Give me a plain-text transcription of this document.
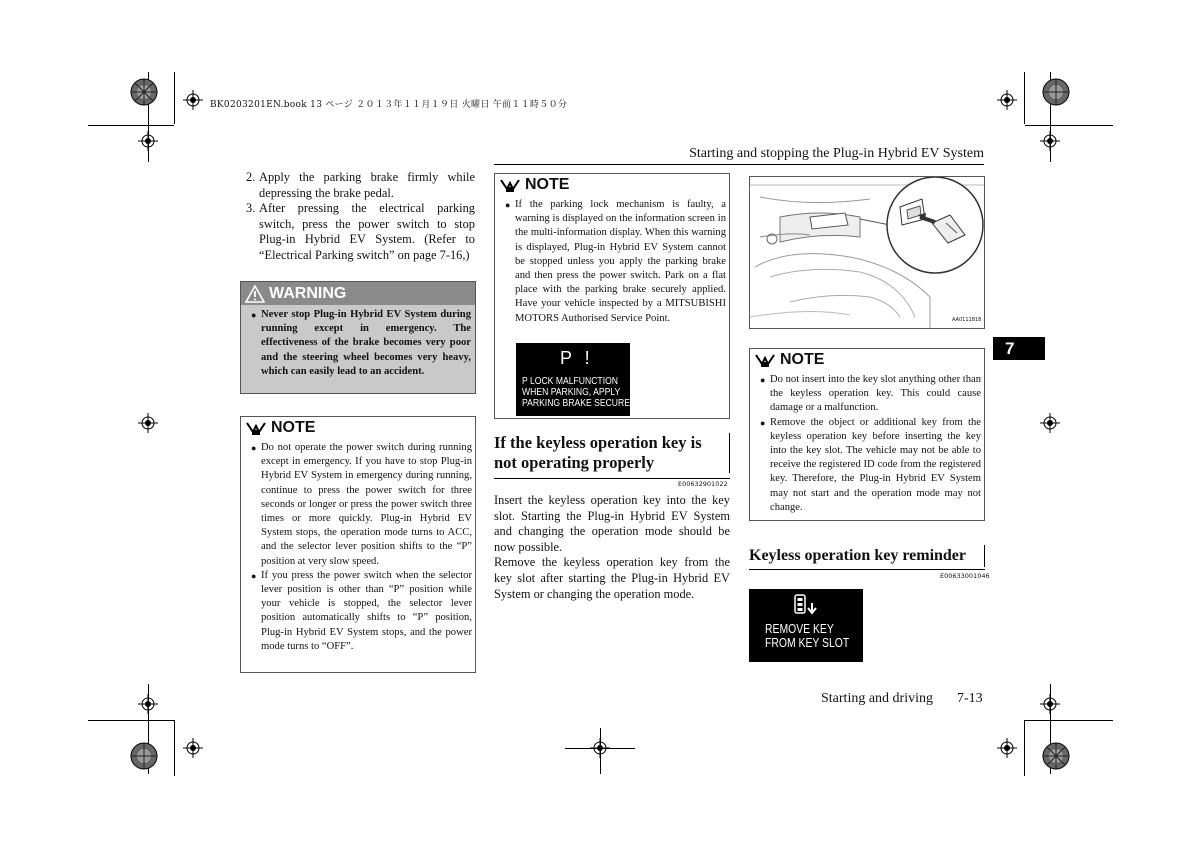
BK0203201EN.book 13 ページ ２０１３年１１月１９日 火曜日 午前１１時５０分
Starting and stopping the Plug-in Hybrid EV System
7
Starting and driving 7-13
2. Apply the parking brake firmly while depressing the brake pedal.
3. After pressing the electrical parking switch, press the power switch to stop Plug-in Hybrid EV System. (Refer to “Electrical Parking switch” on page 7-16,)
WARNING
● Never stop Plug-in Hybrid EV System during running except in emergency. The effectiveness of the brake becomes very poor and the steering wheel becomes very heavy, which can easily lead to an accident.
NOTE
● Do not operate the power switch during running except in emergency. If you have to stop Plug-in Hybrid EV System in emergency during running, continue to press the power switch for three seconds or longer or press the power switch three times or more quickly. Plug-in Hybrid EV System stops, the operation mode turns to ACC, and the selector lever position shifts to the “P” position at very slow speed.
● If you press the power switch when the selector lever position is other than “P” position while your vehicle is stopped, the selector lever position automatically shifts to “P” position, Plug-in Hybrid EV System stops, and the power mode turns to “OFF”.
NOTE
● If the parking lock mechanism is faulty, a warning is displayed on the information screen in the multi-information display. When this warning is displayed, Plug-in Hybrid EV System cannot be stopped unless you apply the parking brake and then press the power switch. Park on a flat place with the parking brake securely applied. Have your vehicle inspected by a MITSUBISHI MOTORS Authorised Service Point.
P !
P LOCK MALFUNCTION
WHEN PARKING, APPLY
PARKING BRAKE SECURELY
If the keyless operation key is not operating properly
E00632901022
Insert the keyless operation key into the key slot. Starting the Plug-in Hybrid EV System and changing the operation mode should be now possible.
Remove the keyless operation key from the key slot after starting the Plug-in Hybrid EV System or changing the operation mode.
AA0111818
NOTE
● Do not insert into the key slot anything other than the keyless operation key. This could cause damage or a malfunction.
● Remove the object or additional key from the keyless operation key before inserting the key into the key slot. The vehicle may not be able to receive the registered ID code from the registered key. Therefore, the Plug-in Hybrid EV System may not start and the operation mode may not change.
Keyless operation key reminder
E00633001046
REMOVE KEY
FROM KEY SLOT
